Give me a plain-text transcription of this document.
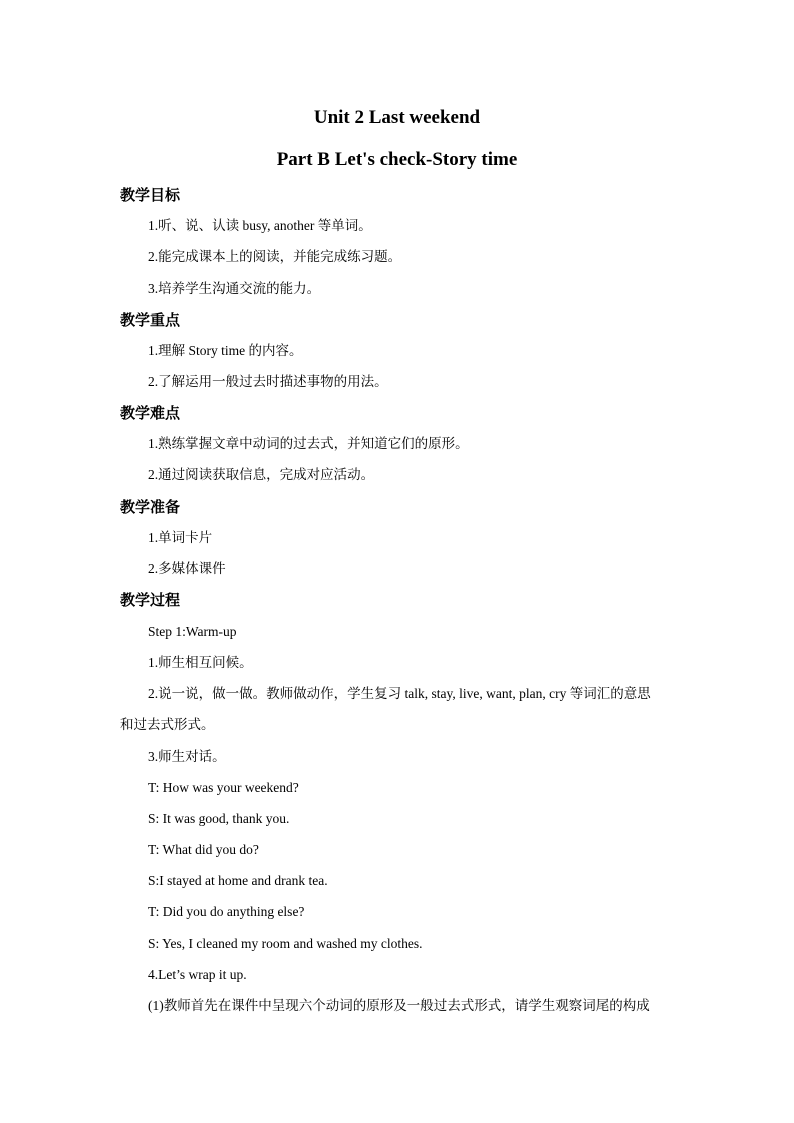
Unit 2 Last weekend
Part B Let's check-Story time
教学目标
1.听、说、认读 busy, another 等单词。
2.能完成课本上的阅读，并能完成练习题。
3.培养学生沟通交流的能力。
教学重点
1.理解 Story time 的内容。
2.了解运用一般过去时描述事物的用法。
教学难点
1.熟练掌握文章中动词的过去式，并知道它们的原形。
2.通过阅读获取信息，完成对应活动。
教学准备
1.单词卡片
2.多媒体课件
教学过程
Step 1:Warm-up
1.师生相互问候。
2.说一说，做一做。教师做动作，学生复习 talk, stay, live, want, plan, cry 等词汇的意思
和过去式形式。
3.师生对话。
T: How was your weekend?
S: It was good, thank you.
T: What did you do?
S:I stayed at home and drank tea.
T: Did you do anything else?
S: Yes, I cleaned my room and washed my clothes.
4.Let’s wrap it up.
(1)教师首先在课件中呈现六个动词的原形及一般过去式形式，请学生观察词尾的构成
